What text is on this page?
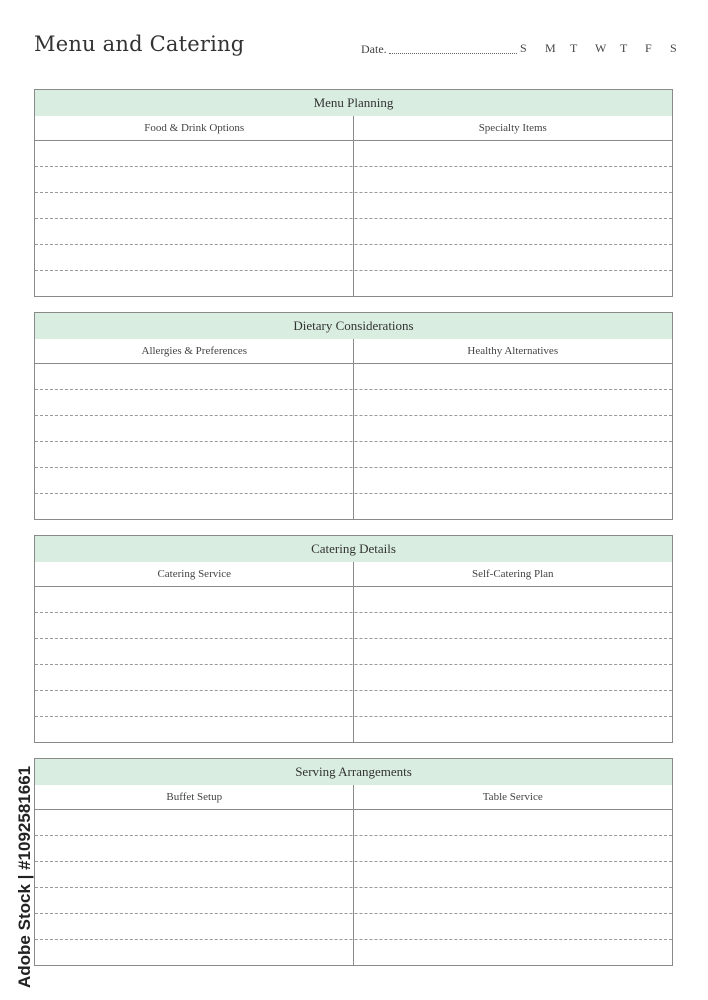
Menu and Catering	Date .	S	M	T	W	T	F	S
Menu Planning
Food & Drink Options	Specialty Items
Dietary Considerations
Allergies & Preferences	Healthy Alternatives
Catering Details
Catering Service	Self-Catering Plan
Serving Arrangements
Buffet Setup	Table Service
Adobe Stock | #1092581661
